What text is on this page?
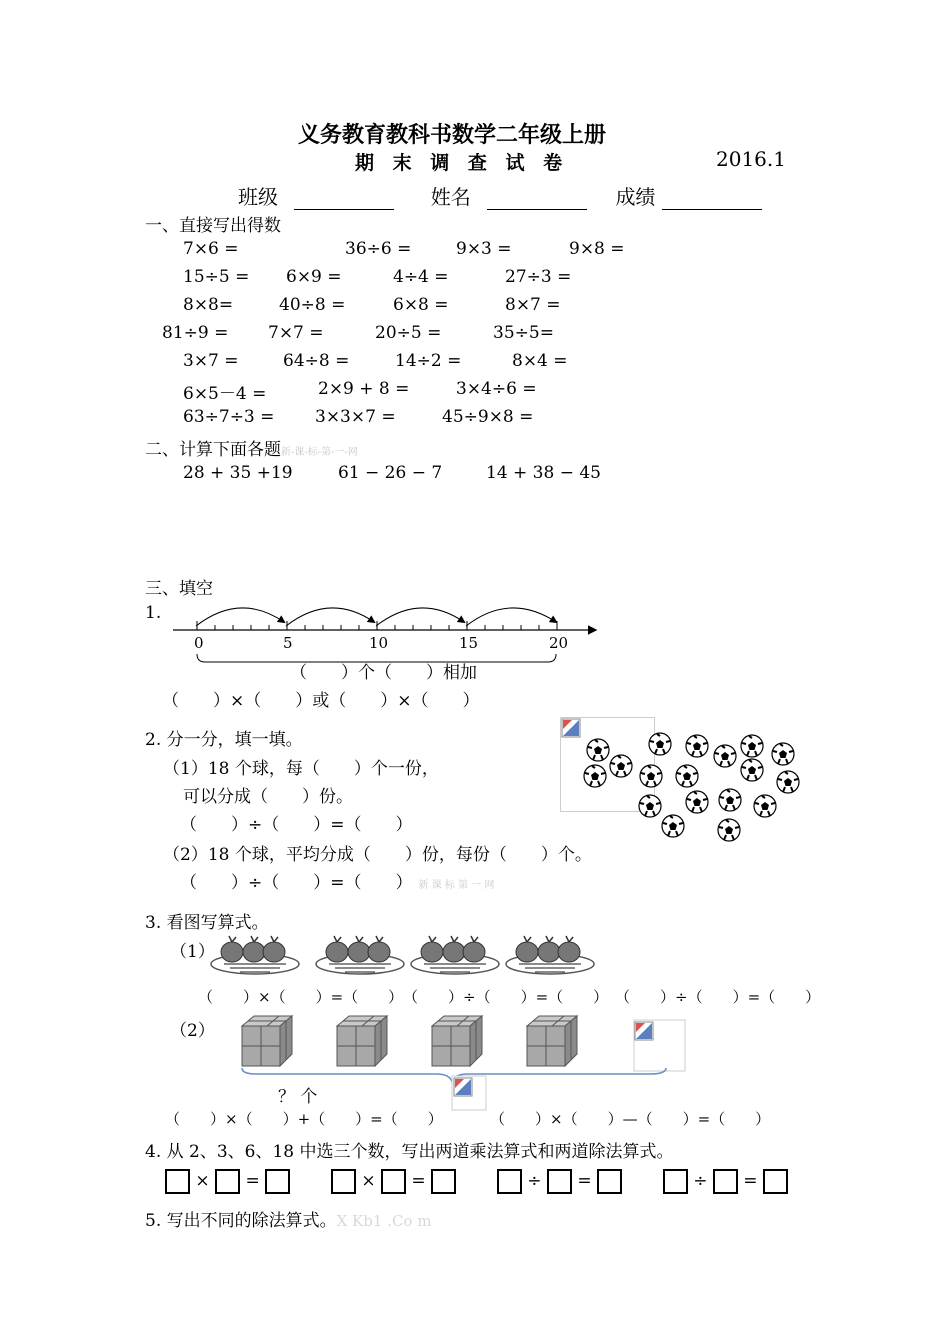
义务教育教科书数学二年级上册
期 末 调 查 试 卷	2016.1
班级	姓名	成绩
一、直接写出得数
7×6 =	36÷6 =	9×3 =	9×8 =
15÷5 = 6×9 =	4÷4 =	27÷3 =
8×8=	40÷8 =	6×8 =	8×7 =
81÷9 = 7×7 =	20÷5 =	35÷5=
3×7 =	64÷8 =	14÷2 =	8×4 =
6×5－4 =	2×9 + 8 =	3×4÷6 =
63÷7÷3 = 3×3×7 =	45÷9×8 =
二、计算下面各题新-课-标-第-一-网
28 + 35 +19	61 − 26 − 7	14 + 38 − 45
三、填空
1.
0	5	10	15	20
（　　）个（　　）相加
（　　）×（　　）或（　　）×（　　）
2. 分一分，填一填。
（1）18 个球，每（　　）个一份，
可以分成（　　）份。
（　　）÷（　　）=（　　）
（2）18 个球，平均分成（　　）份，每份（　　）个。
（　　）÷（　　）=（　　） 新 课 标 第 一 网
3. 看图写算式。
（1）
（　　）×（　　）=（　　） （　　）÷（　　）=（　　） （　　）÷（　　）=（　　）
（2）
？ 个
（　　）×（　　）+（　　）=（　　）	（　　）×（　　）—（　　）=（　　）
4. 从 2、3、6、18 中选三个数，写出两道乘法算式和两道除法算式。
× =	× =	÷ =	÷ =
5. 写出不同的除法算式。X Kb1 .Co m
